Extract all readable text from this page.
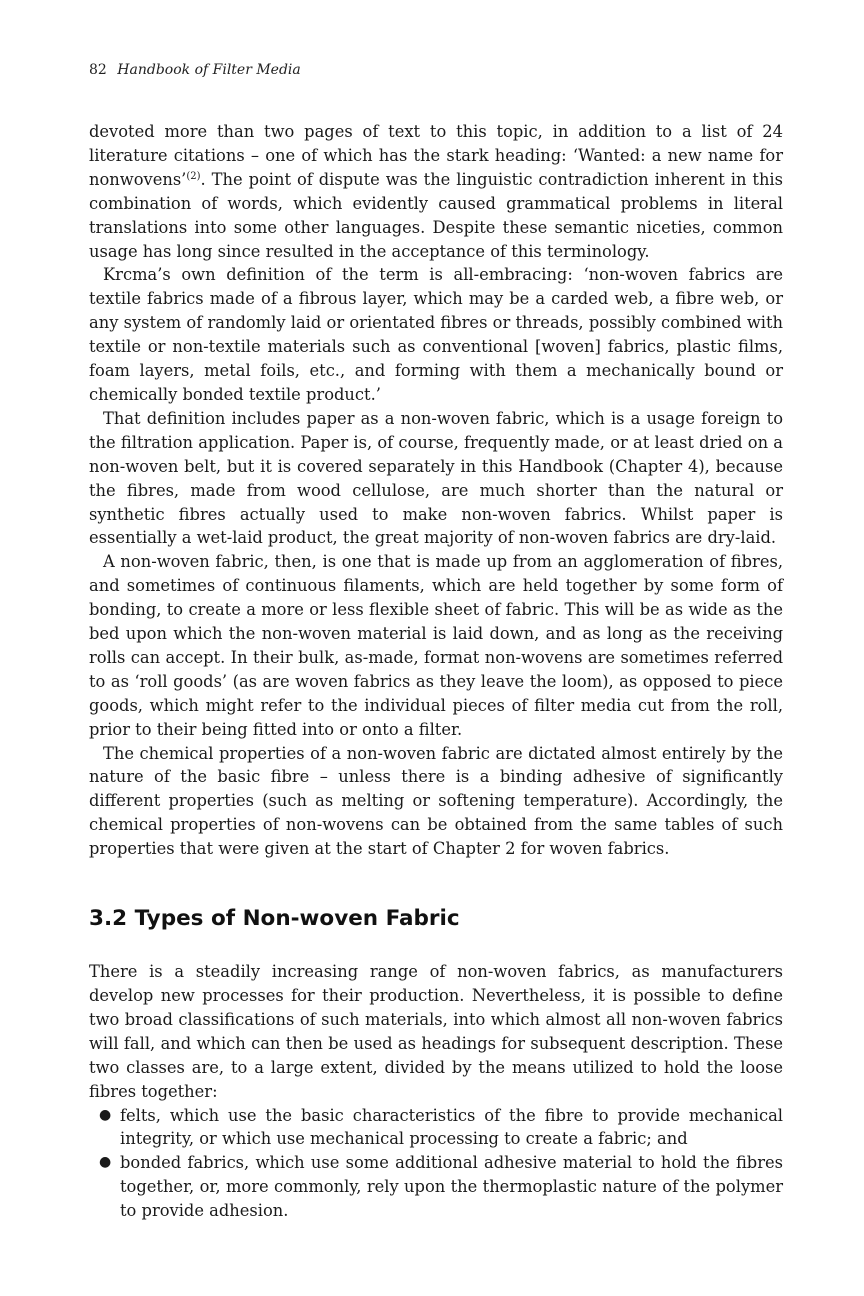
82 Handbook of Filter Media

devoted more than two pages of text to this topic, in addition to a list of 24 literature citations – one of which has the stark heading: ‘Wanted: a new name for nonwovens’$^{(2)}$. The point of dispute was the linguistic contradiction inherent in this combination of words, which evidently caused grammatical problems in literal translations into some other languages. Despite these semantic niceties, common usage has long since resulted in the acceptance of this terminology.

Krcma’s own definition of the term is all-embracing: ‘non-woven fabrics are textile fabrics made of a fibrous layer, which may be a carded web, a fibre web, or any system of randomly laid or orientated fibres or threads, possibly combined with textile or non-textile materials such as conventional [woven] fabrics, plastic films, foam layers, metal foils, etc., and forming with them a mechanically bound or chemically bonded textile product.’

That definition includes paper as a non-woven fabric, which is a usage foreign to the filtration application. Paper is, of course, frequently made, or at least dried on a non-woven belt, but it is covered separately in this Handbook (Chapter 4), because the fibres, made from wood cellulose, are much shorter than the natural or synthetic fibres actually used to make non-woven fabrics. Whilst paper is essentially a wet-laid product, the great majority of non-woven fabrics are dry-laid.

A non-woven fabric, then, is one that is made up from an agglomeration of fibres, and sometimes of continuous filaments, which are held together by some form of bonding, to create a more or less flexible sheet of fabric. This will be as wide as the bed upon which the non-woven material is laid down, and as long as the receiving rolls can accept. In their bulk, as-made, format non-wovens are sometimes referred to as ‘roll goods’ (as are woven fabrics as they leave the loom), as opposed to piece goods, which might refer to the individual pieces of filter media cut from the roll, prior to their being fitted into or onto a filter.

The chemical properties of a non-woven fabric are dictated almost entirely by the nature of the basic fibre – unless there is a binding adhesive of significantly different properties (such as melting or softening temperature). Accordingly, the chemical properties of non-wovens can be obtained from the same tables of such properties that were given at the start of Chapter 2 for woven fabrics.

3.2 Types of Non-woven Fabric

There is a steadily increasing range of non-woven fabrics, as manufacturers develop new processes for their production. Nevertheless, it is possible to define two broad classifications of such materials, into which almost all non-woven fabrics will fall, and which can then be used as headings for subsequent description. These two classes are, to a large extent, divided by the means utilized to hold the loose fibres together:

● felts, which use the basic characteristics of the fibre to provide mechanical integrity, or which use mechanical processing to create a fabric; and
● bonded fabrics, which use some additional adhesive material to hold the fibres together, or, more commonly, rely upon the thermoplastic nature of the polymer to provide adhesion.
